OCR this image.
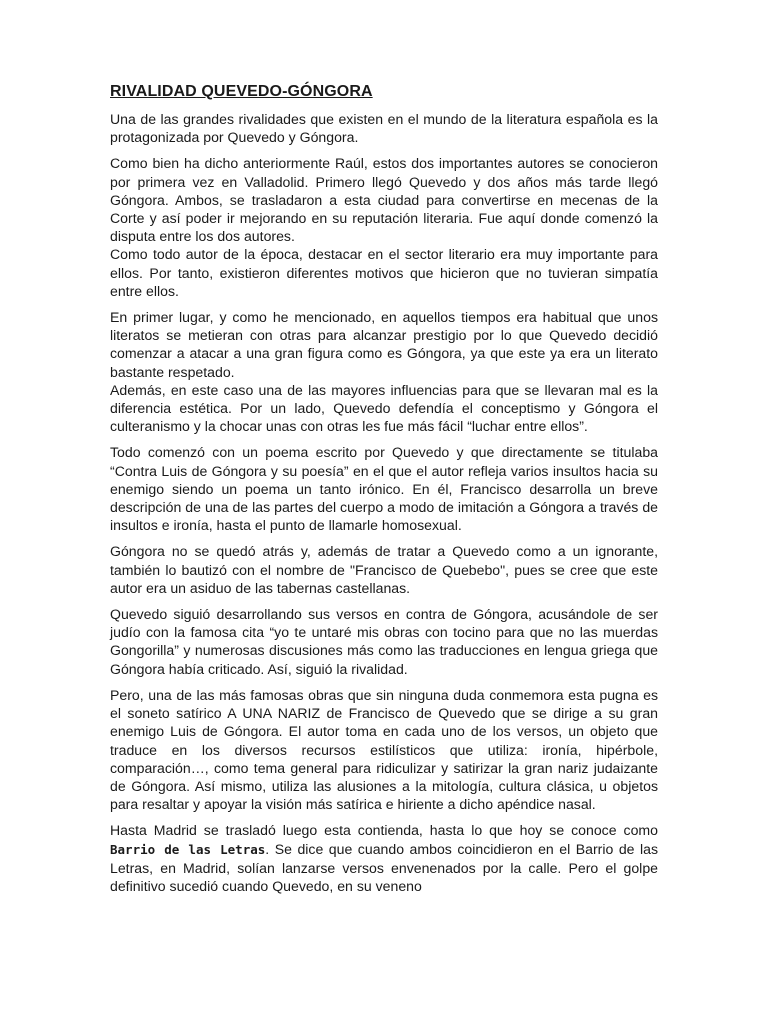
RIVALIDAD QUEVEDO-GÓNGORA

Una de las grandes rivalidades que existen en el mundo de la literatura española es la protagonizada por Quevedo y Góngora.

Como bien ha dicho anteriormente Raúl, estos dos importantes autores se conocieron por primera vez en Valladolid. Primero llegó Quevedo y dos años más tarde llegó Góngora. Ambos, se trasladaron a esta ciudad para convertirse en mecenas de la Corte y así poder ir mejorando en su reputación literaria. Fue aquí donde comenzó la disputa entre los dos autores.

Como todo autor de la época, destacar en el sector literario era muy importante para ellos. Por tanto, existieron diferentes motivos que hicieron que no tuvieran simpatía entre ellos.

En primer lugar, y como he mencionado, en aquellos tiempos era habitual que unos literatos se metieran con otras para alcanzar prestigio por lo que Quevedo decidió comenzar a atacar a una gran figura como es Góngora, ya que este ya era un literato bastante respetado.

Además, en este caso una de las mayores influencias para que se llevaran mal es la diferencia estética. Por un lado, Quevedo defendía el conceptismo y Góngora el culteranismo y la chocar unas con otras les fue más fácil “luchar entre ellos”.

Todo comenzó con un poema escrito por Quevedo y que directamente se titulaba “Contra Luis de Góngora y su poesía” en el que el autor refleja varios insultos hacia su enemigo siendo un poema un tanto irónico. En él, Francisco desarrolla un breve descripción de una de las partes del cuerpo a modo de imitación a Góngora a través de insultos e ironía, hasta el punto de llamarle homosexual.

Góngora no se quedó atrás y, además de tratar a Quevedo como a un ignorante, también lo bautizó con el nombre de "Francisco de Quebebo", pues se cree que este autor era un asiduo de las tabernas castellanas.

Quevedo siguió desarrollando sus versos en contra de Góngora, acusándole de ser judío con la famosa cita “yo te untaré mis obras con tocino para que no las muerdas Gongorilla” y numerosas discusiones más como las traducciones en lengua griega que Góngora había criticado. Así, siguió la rivalidad.

Pero, una de las más famosas obras que sin ninguna duda conmemora esta pugna es el soneto satírico A UNA NARIZ de Francisco de Quevedo que se dirige a su gran enemigo Luis de Góngora. El autor toma en cada uno de los versos, un objeto que traduce en los diversos recursos estilísticos que utiliza: ironía, hipérbole, comparación…, como tema general para ridiculizar y satirizar la gran nariz judaizante de Góngora. Así mismo, utiliza las alusiones a la mitología, cultura clásica, u objetos para resaltar y apoyar la visión más satírica e hiriente a dicho apéndice nasal.

Hasta Madrid se trasladó luego esta contienda, hasta lo que hoy se conoce como Barrio de las Letras. Se dice que cuando ambos coincidieron en el Barrio de las Letras, en Madrid, solían lanzarse versos envenenados por la calle. Pero el golpe definitivo sucedió cuando Quevedo, en su veneno
